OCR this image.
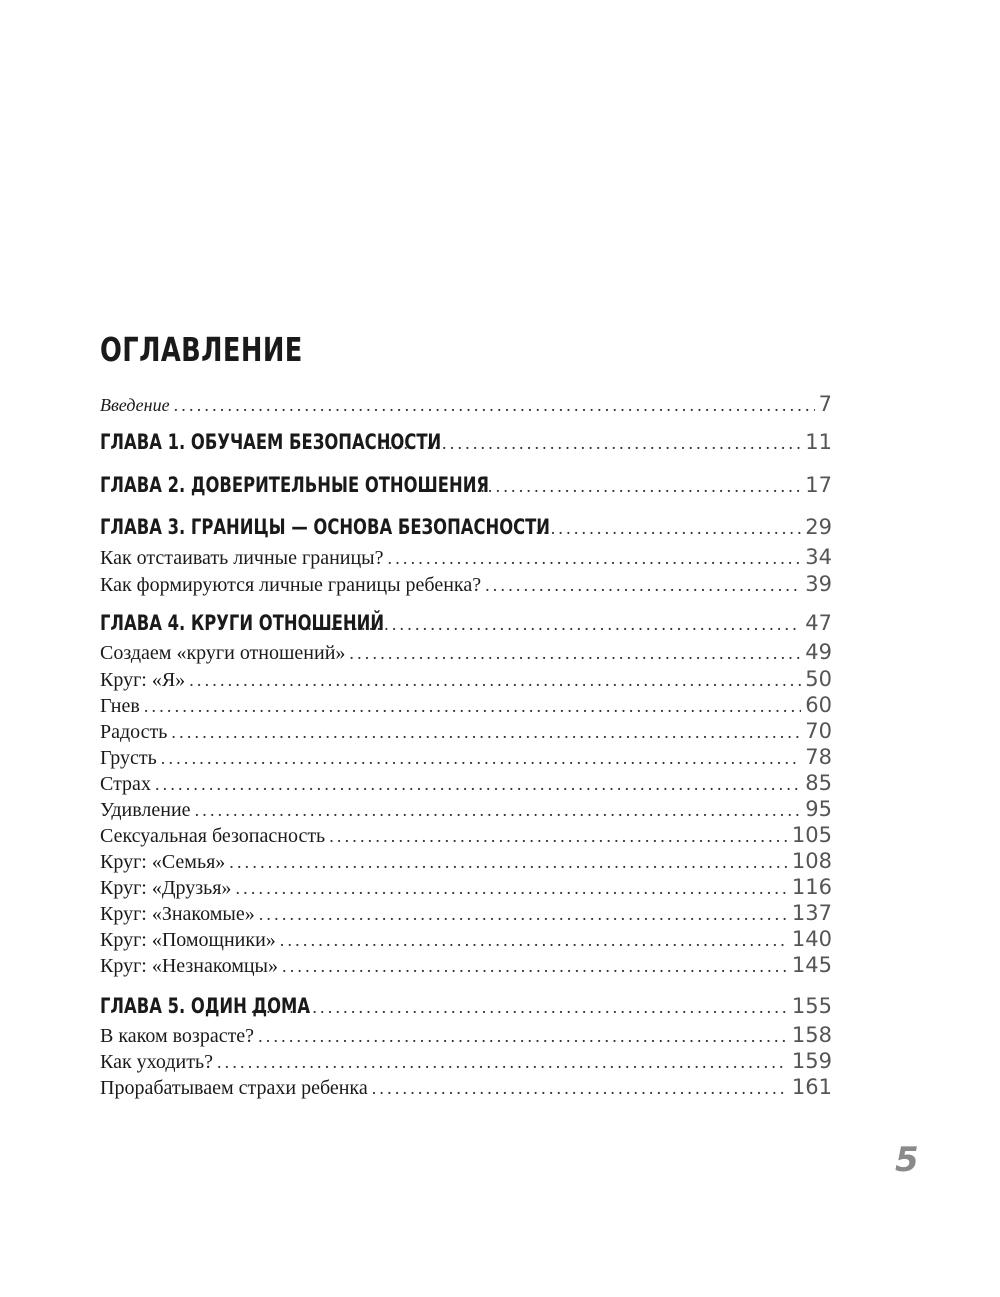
ОГЛАВЛЕНИЕ
Введение .....	7
ГЛАВА 1. ОБУЧАЕМ БЕЗОПАСНОСТИ .....	11
ГЛАВА 2. ДОВЕРИТЕЛЬНЫЕ ОТНОШЕНИЯ .....	17
ГЛАВА 3. ГРАНИЦЫ — ОСНОВА БЕЗОПАСНОСТИ .....	29
Как отстаивать личные границы? .....	34
Как формируются личные границы ребенка? .....	39
ГЛАВА 4. КРУГИ ОТНОШЕНИЙ .....	47
Создаем «круги отношений» .....	49
Круг: «Я» .....	50
Гнев .....	60
Радость .....	70
Грусть .....	78
Страх .....	85
Удивление .....	95
Сексуальная безопасность .....	105
Круг: «Семья» .....	108
Круг: «Друзья» .....	116
Круг: «Знакомые» .....	137
Круг: «Помощники» .....	140
Круг: «Незнакомцы» .....	145
ГЛАВА 5. ОДИН ДОМА .....	155
В каком возрасте? .....	158
Как уходить? .....	159
Прорабатываем страхи ребенка .....	161
5
